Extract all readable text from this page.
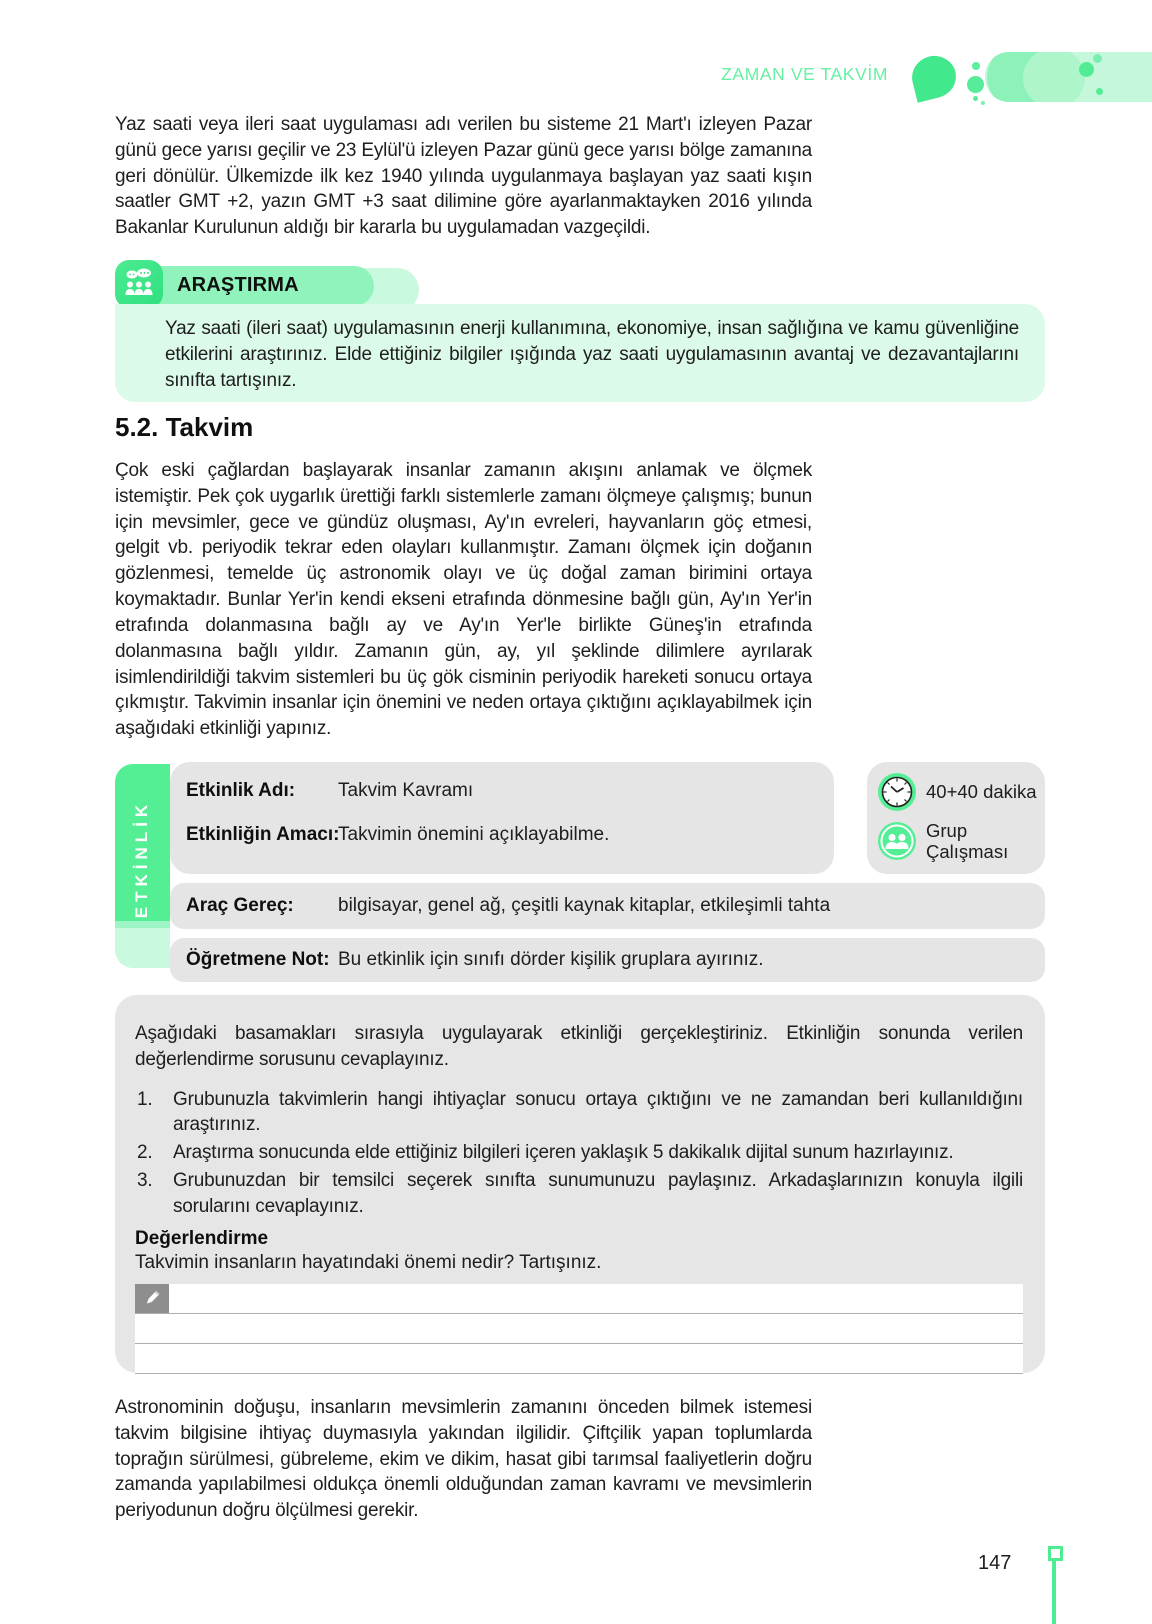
ZAMAN VE TAKVİM

Yaz saati veya ileri saat uygulaması adı verilen bu sisteme 21 Mart'ı izleyen Pazar günü gece yarısı geçilir ve 23 Eylül'ü izleyen Pazar günü gece yarısı bölge zamanına geri dönülür. Ülkemizde ilk kez 1940 yılında uygulanmaya başlayan yaz saati kışın saatler GMT +2, yazın GMT +3 saat dilimine göre ayarlanmaktayken 2016 yılında Bakanlar Kurulunun aldığı bir kararla bu uygulamadan vazgeçildi.

ARAŞTIRMA

Yaz saati (ileri saat) uygulamasının enerji kullanımına, ekonomiye, insan sağlığına ve kamu güvenliğine etkilerini araştırınız. Elde ettiğiniz bilgiler ışığında yaz saati uygulamasının avantaj ve dezavantajlarını sınıfta tartışınız.

5.2. Takvim

Çok eski çağlardan başlayarak insanlar zamanın akışını anlamak ve ölçmek istemiştir. Pek çok uygarlık ürettiği farklı sistemlerle zamanı ölçmeye çalışmış; bunun için mevsimler, gece ve gündüz oluşması, Ay'ın evreleri, hayvanların göç etmesi, gelgit vb. periyodik tekrar eden olayları kullanmıştır. Zamanı ölçmek için doğanın gözlenmesi, temelde üç astronomik olayı ve üç doğal zaman birimini ortaya koymaktadır. Bunlar Yer'in kendi ekseni etrafında dönmesine bağlı gün, Ay'ın Yer'in etrafında dolanmasına bağlı ay ve Ay'ın Yer'le birlikte Güneş'in etrafında dolanmasına bağlı yıldır. Zamanın gün, ay, yıl şeklinde dilimlere ayrılarak isimlendirildiği takvim sistemleri bu üç gök cisminin periyodik hareketi sonucu ortaya çıkmıştır. Takvimin insanlar için önemini ve neden ortaya çıktığını açıklayabilmek için aşağıdaki etkinliği yapınız.

ETKİNLİK
Etkinlik Adı:	Takvim Kavramı
Etkinliğin Amacı:
Takvimin önemini açıklayabilme.
40+40 dakika
Grup Çalışması
Araç Gereç:	bilgisayar, genel ağ, çeşitli kaynak kitaplar, etkileşimli tahta
Öğretmene Not: Bu etkinlik için sınıfı dörder kişilik gruplara ayırınız.

Aşağıdaki basamakları sırasıyla uygulayarak etkinliği gerçekleştiriniz. Etkinliğin sonunda verilen değerlendirme sorusunu cevaplayınız.

Grubunuzla takvimlerin hangi ihtiyaçlar sonucu ortaya çıktığını ve ne zamandan beri kullanıldığını araştırınız.
Araştırma sonucunda elde ettiğiniz bilgileri içeren yaklaşık 5 dakikalık dijital sunum hazırlayınız.
Grubunuzdan bir temsilci seçerek sınıfta sunumunuzu paylaşınız. Arkadaşlarınızın konuyla ilgili sorularını cevaplayınız.
Değerlendirme
Takvimin insanların hayatındaki önemi nedir? Tartışınız.

Astronominin doğuşu, insanların mevsimlerin zamanını önceden bilmek istemesi takvim bilgisine ihtiyaç duymasıyla yakından ilgilidir. Çiftçilik yapan toplumlarda toprağın sürülmesi, gübreleme, ekim ve dikim, hasat gibi tarımsal faaliyetlerin doğru zamanda yapılabilmesi oldukça önemli olduğundan zaman kavramı ve mevsimlerin periyodunun doğru ölçülmesi gerekir.

147
